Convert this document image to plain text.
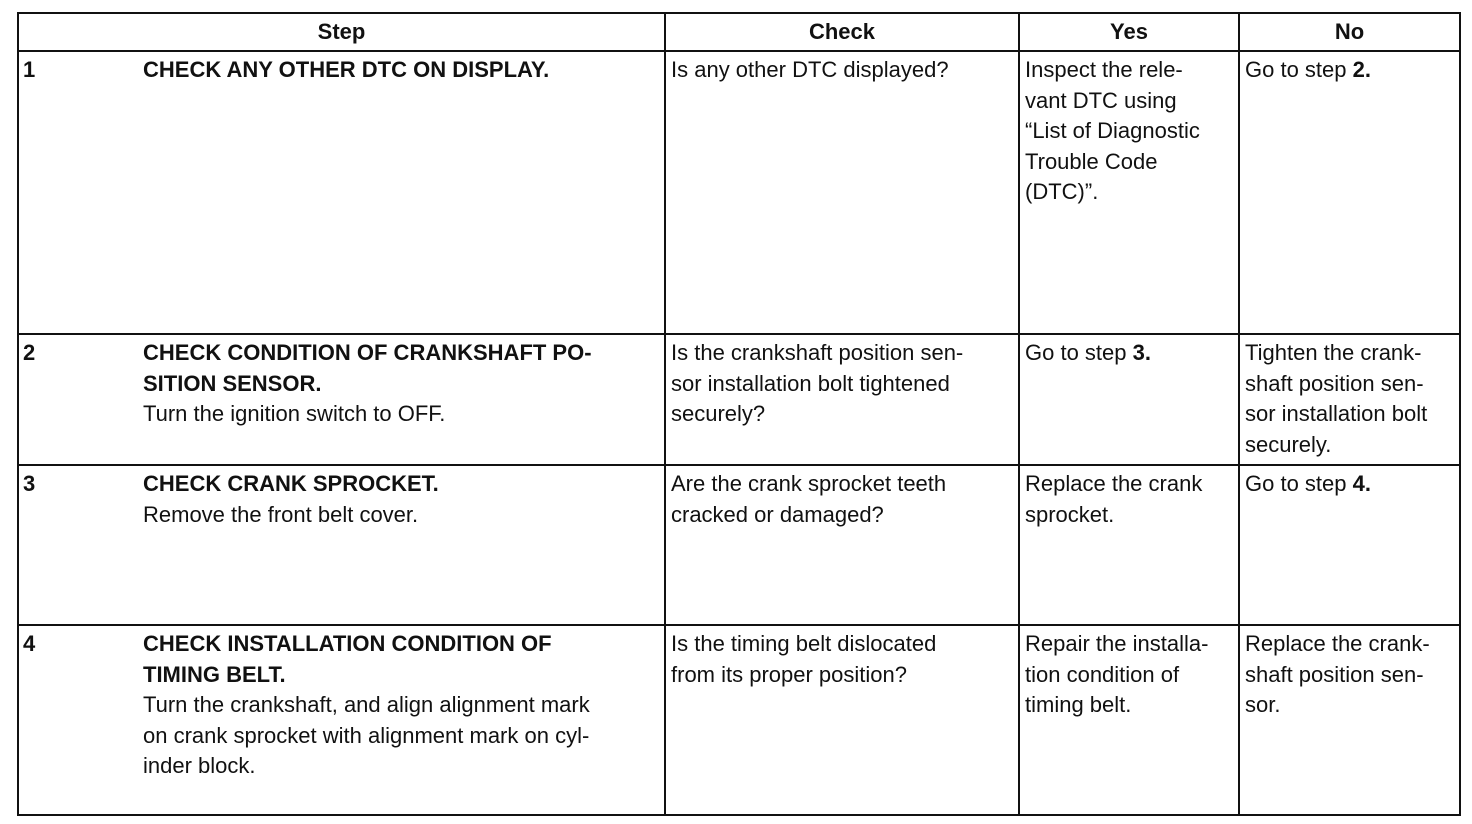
Step		Check	Yes	No
1	CHECK ANY OTHER DTC ON DISPLAY.	Is any other DTC displayed?	Inspect the rele-
vant DTC using
“List of Diagnostic
Trouble Code
(DTC)”.	Go to step 2.
2	CHECK CONDITION OF CRANKSHAFT PO-
SITION SENSOR.
Turn the ignition switch to OFF.	Is the crankshaft position sen-
sor installation bolt tightened
securely?	Go to step 3.	Tighten the crank-
shaft position sen-
sor installation bolt
securely.
3	CHECK CRANK SPROCKET.
Remove the front belt cover.	Are the crank sprocket teeth
cracked or damaged?	Replace the crank
sprocket.	Go to step 4.
4	CHECK INSTALLATION CONDITION OF
TIMING BELT.
Turn the crankshaft, and align alignment mark
on crank sprocket with alignment mark on cyl-
inder block.	Is the timing belt dislocated
from its proper position?	Repair the installa-
tion condition of
timing belt.	Replace the crank-
shaft position sen-
sor.
